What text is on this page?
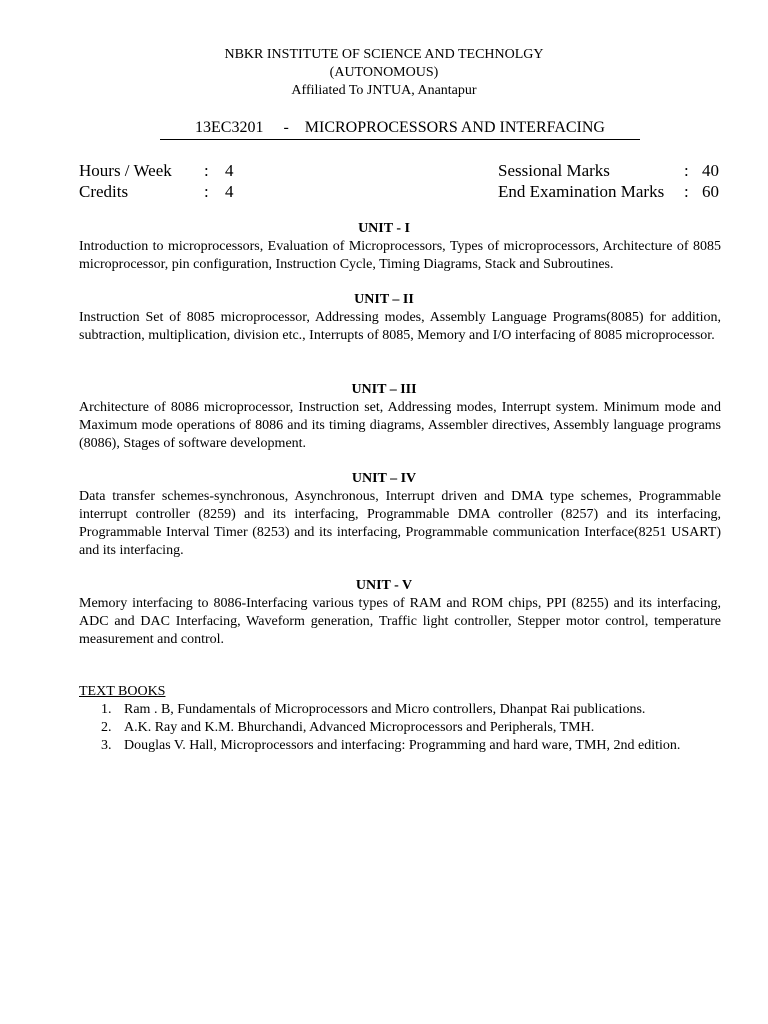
NBKR INSTITUTE OF SCIENCE AND TECHNOLGY
(AUTONOMOUS)
Affiliated To JNTUA, Anantapur
13EC3201 - MICROPROCESSORS AND INTERFACING
Hours / Week : 4
Credits	: 4
Sessional Marks	: 40
End Examination Marks : 60
UNIT - I
Introduction to microprocessors, Evaluation of Microprocessors, Types of microprocessors, Architecture of 8085 microprocessor, pin configuration, Instruction Cycle, Timing Diagrams, Stack and Subroutines.
UNIT – II
Instruction Set of 8085 microprocessor, Addressing modes, Assembly Language Programs(8085) for addition, subtraction, multiplication, division etc., Interrupts of 8085, Memory and I/O interfacing of 8085 microprocessor.
UNIT – III
Architecture of 8086 microprocessor, Instruction set, Addressing modes, Interrupt system. Minimum mode and Maximum mode operations of 8086 and its timing diagrams, Assembler directives, Assembly language programs (8086), Stages of software development.
UNIT – IV
Data transfer schemes-synchronous, Asynchronous, Interrupt driven and DMA type schemes, Programmable interrupt controller (8259) and its interfacing, Programmable DMA controller (8257) and its interfacing, Programmable Interval Timer (8253) and its interfacing, Programmable communication Interface(8251 USART) and its interfacing.
UNIT - V
Memory interfacing to 8086-Interfacing various types of RAM and ROM chips, PPI (8255) and its interfacing, ADC and DAC Interfacing, Waveform generation, Traffic light controller, Stepper motor control, temperature measurement and control.
TEXT BOOKS
1. Ram . B, Fundamentals of Microprocessors and Micro controllers, Dhanpat Rai publications.
2. A.K. Ray and K.M. Bhurchandi, Advanced Microprocessors and Peripherals, TMH.
3. Douglas V. Hall, Microprocessors and interfacing: Programming and hard ware, TMH, 2nd edition.
